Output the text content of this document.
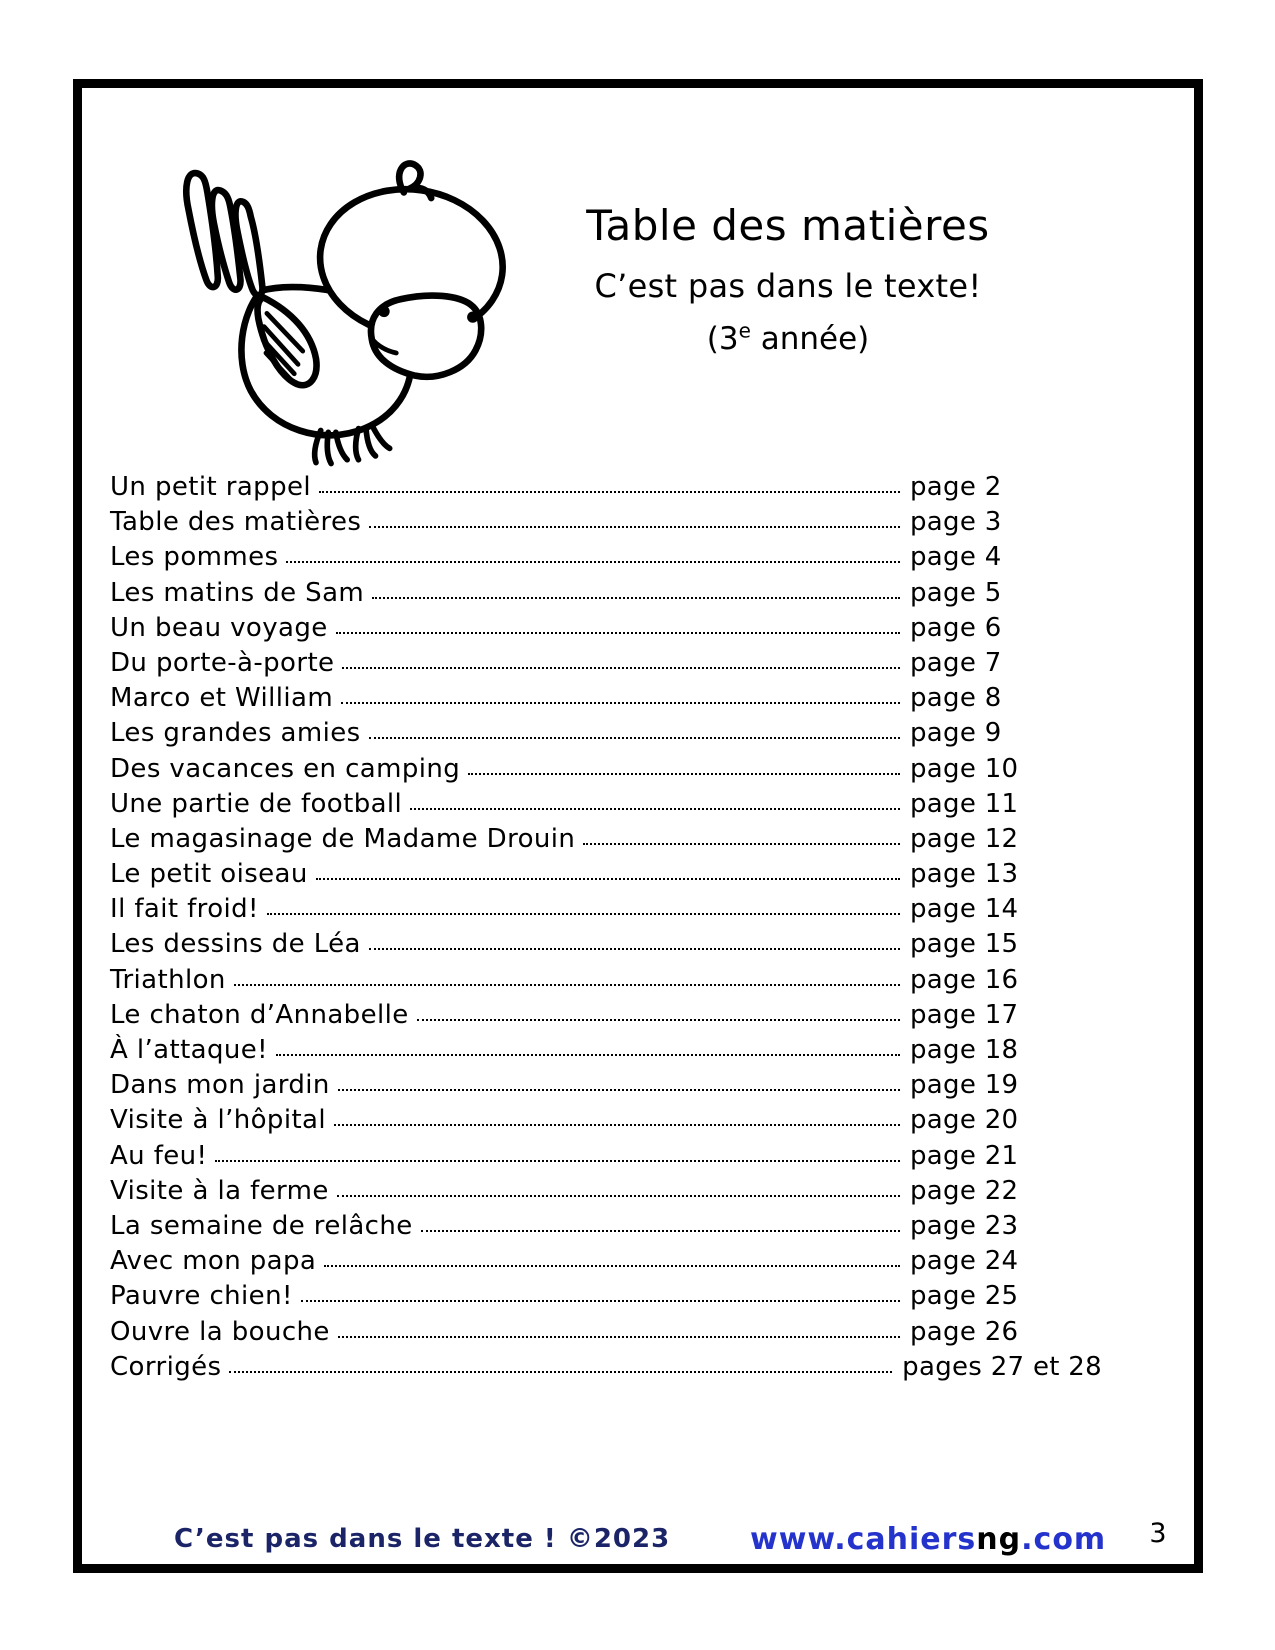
Table des matières
C’est pas dans le texte!
(3e année)
Un petit rappel	page 2
Table des matières	page 3
Les pommes	page 4
Les matins de Sam	page 5
Un beau voyage	page 6
Du porte-à-porte	page 7
Marco et William	page 8
Les grandes amies	page 9
Des vacances en camping	page 10
Une partie de football	page 11
Le magasinage de Madame Drouin	page 12
Le petit oiseau	page 13
Il fait froid!	page 14
Les dessins de Léa	page 15
Triathlon	page 16
Le chaton d’Annabelle	page 17
À l’attaque!	page 18
Dans mon jardin	page 19
Visite à l’hôpital	page 20
Au feu!	page 21
Visite à la ferme	page 22
La semaine de relâche	page 23
Avec mon papa	page 24
Pauvre chien!	page 25
Ouvre la bouche	page 26
Corrigés	pages 27 et 28
C’est pas dans le texte ! ©2023	www.cahiersng.com	3
